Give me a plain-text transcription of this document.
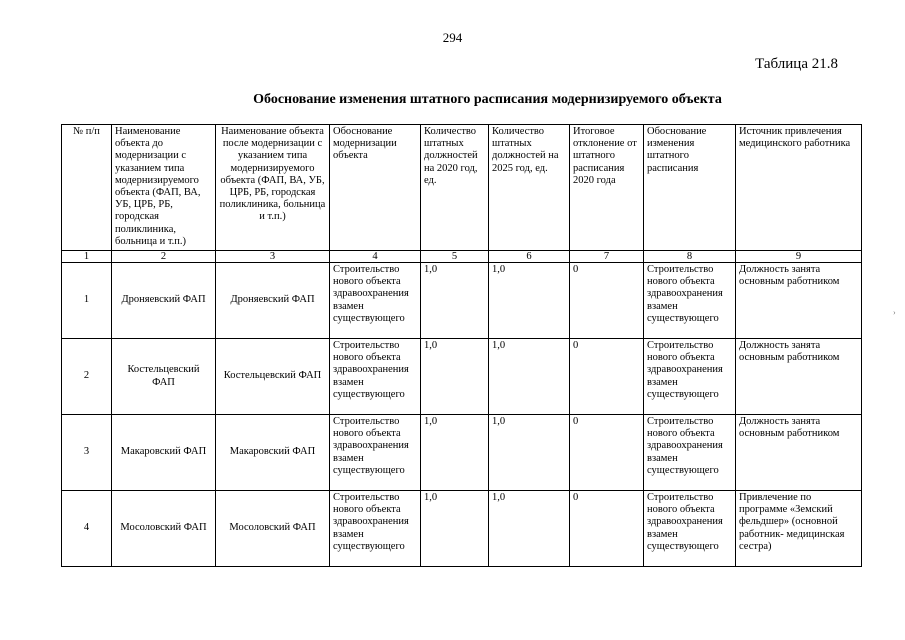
294
Таблица 21.8
Обоснование изменения штатного расписания модернизируемого объекта
›
№ п/п	Наименование объекта до модернизации с указанием типа модернизируемого объекта (ФАП, ВА, УБ, ЦРБ, РБ, городская поликлиника, больница и т.п.)	Наименование объекта после модернизации с указанием типа модернизируемого объекта (ФАП, ВА, УБ, ЦРБ, РБ, городская поликлиника, больница и т.п.)	Обоснование модернизации объекта	Количество штатных должностей на 2020 год, ед.	Количество штатных должностей на 2025 год, ед.	Итоговое отклонение от штатного расписания 2020 года	Обоснование изменения штатного расписания	Источник привлечения медицинского работника
1	2	3	4	5	6	7	8	9
1	Дроняевский ФАП	Дроняевский ФАП	Строительство нового объекта здравоохранения взамен существующего	1,0	1,0	0	Строительство нового объекта здравоохранения взамен существующего	Должность занята основным работником
2	Костельцевский ФАП	Костельцевский ФАП	Строительство нового объекта здравоохранения взамен существующего	1,0	1,0	0	Строительство нового объекта здравоохранения взамен существующего	Должность занята основным работником
3	Макаровский ФАП	Макаровский ФАП	Строительство нового объекта здравоохранения взамен существующего	1,0	1,0	0	Строительство нового объекта здравоохранения взамен существующего	Должность занята основным работником
4	Мосоловский ФАП	Мосоловский ФАП	Строительство нового объекта здравоохранения взамен существующего	1,0	1,0	0	Строительство нового объекта здравоохранения взамен существующего	Привлечение по программе «Земский фельдшер» (основной работник- медицинская сестра)
